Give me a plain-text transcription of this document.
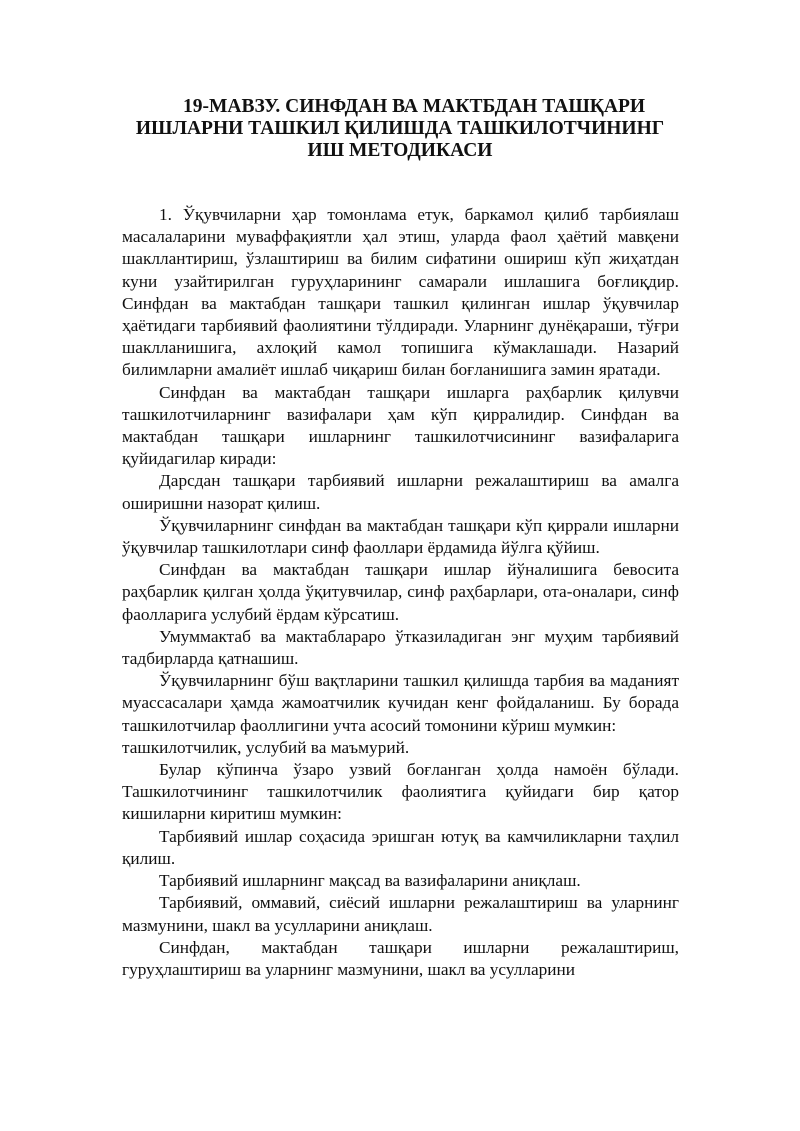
19-МАВЗУ. СИНФДАН ВА МАКТБДАН ТАШҚАРИ
ИШЛАРНИ ТАШКИЛ ҚИЛИШДА ТАШКИЛОТЧИНИНГ
ИШ МЕТОДИКАСИ

1. Ўқувчиларни ҳар томонлама етук, баркамол қилиб тарбиялаш масалаларини муваффақиятли ҳал этиш, уларда фаол ҳаётий мавқени шакллантириш, ўзлаштириш ва билим сифатини ошириш кўп жиҳатдан куни узайтирилган гуруҳларининг самарали ишлашига боғлиқдир. Синфдан ва мактабдан ташқари ташкил қилинган ишлар ўқувчилар ҳаётидаги тарбиявий фаолиятини тўлдиради. Уларнинг дунёқараши, тўғри шаклланишига, ахлоқий камол топишига кўмаклашади. Назарий билимларни амалиёт ишлаб чиқариш билан боғланишига замин яратади.

Синфдан ва мактабдан ташқари ишларга раҳбарлик қилувчи ташкилотчиларнинг вазифалари ҳам кўп қирралидир. Синфдан ва мактабдан ташқари ишларнинг ташкилотчисининг вазифаларига қуйидагилар киради:

Дарсдан ташқари тарбиявий ишларни режалаштириш ва амалга оширишни назорат қилиш.

Ўқувчиларнинг синфдан ва мактабдан ташқари кўп қиррали ишларни ўқувчилар ташкилотлари синф фаоллари ёрдамида йўлга қўйиш.

Синфдан ва мактабдан ташқари ишлар йўналишига бевосита раҳбарлик қилган ҳолда ўқитувчилар, синф раҳбарлари, ота-оналари, синф фаолларига услубий ёрдам кўрсатиш.

Умуммактаб ва мактабларaро ўтказиладиган энг муҳим тарбиявий тадбирларда қатнашиш.

Ўқувчиларнинг бўш вақтларини ташкил қилишда тарбия ва маданият муассасалари ҳамда жамоатчилик кучидан кенг фойдаланиш. Бу борада ташкилотчилар фаоллигини учта асосий томонини кўриш мумкин:

ташкилотчилик, услубий ва маъмурий.

Булар кўпинча ўзаро узвий боғланган ҳолда намоён бўлади. Ташкилотчининг ташкилотчилик фаолиятига қуйидаги бир қатор кишиларни киритиш мумкин:

Тарбиявий ишлар соҳасида эришган ютуқ ва камчиликларни таҳлил қилиш.

Тарбиявий ишларнинг мақсад ва вазифаларини аниқлаш.

Тарбиявий, оммавий, сиёсий ишларни режалаштириш ва уларнинг мазмунини, шакл ва усулларини аниқлаш.

Синфдан, мактабдан ташқари ишларни режалаштириш, гуруҳлаштириш ва уларнинг мазмунини, шакл ва усулларини
